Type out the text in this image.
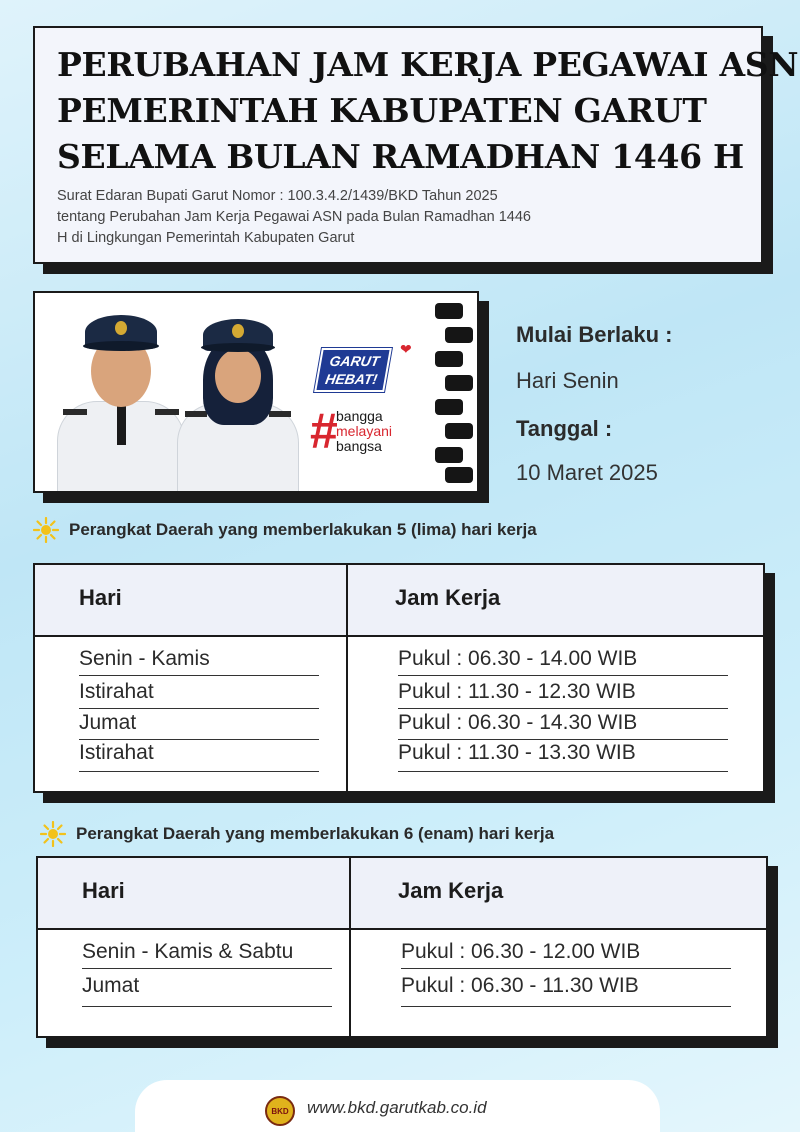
PERUBAHAN JAM KERJA PEGAWAI ASN
PEMERINTAH KABUPATEN GARUT
SELAMA BULAN RAMADHAN 1446 H
Surat Edaran Bupati Garut Nomor : 100.3.4.2/1439/BKD Tahun 2025
tentang Perubahan Jam Kerja Pegawai ASN pada Bulan Ramadhan 1446
H di Lingkungan Pemerintah Kabupaten Garut
GARUT
HEBAT!
❤
#
bangga
melayani
bangsa
Mulai Berlaku :
Hari Senin
Tanggal :
10 Maret 2025
Perangkat Daerah yang memberlakukan 5 (lima) hari kerja
Hari	Jam Kerja
Senin - Kamis	Pukul : 06.30 - 14.00 WIB
Istirahat	Pukul : 11.30 - 12.30 WIB
Jumat	Pukul : 06.30 - 14.30 WIB
Istirahat	Pukul : 11.30 - 13.30 WIB
Perangkat Daerah yang memberlakukan 6 (enam) hari kerja
Hari	Jam Kerja
Senin - Kamis & Sabtu	Pukul : 06.30 - 12.00 WIB
Jumat	Pukul : 06.30 - 11.30 WIB
BKD www.bkd.garutkab.co.id
